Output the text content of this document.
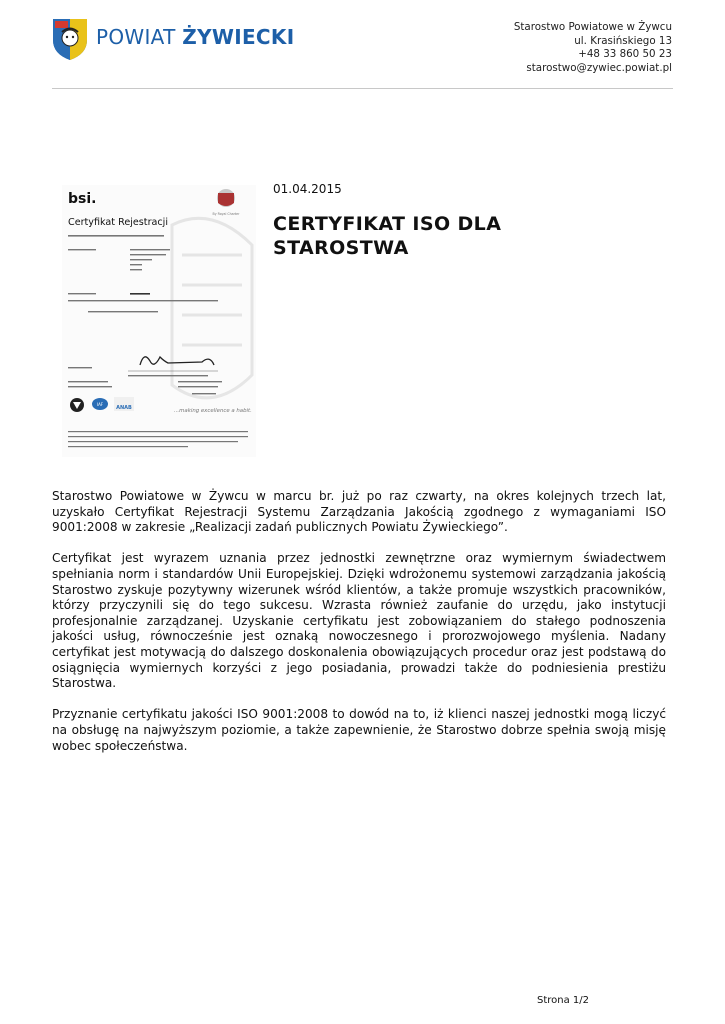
POWIAT ŻYWIECKI	Starostwo Powiatowe w Żywcu
ul. Krasińskiego 13
+48 33 860 50 23
starostwo@zywiec.powiat.pl
By Royal Charter
bsi.
Certyfikat Rejestracji
IAF
ANAB	...making excellence a habit.
01.04.2015
CERTYFIKAT ISO DLA STAROSTWA

Starostwo Powiatowe w Żywcu w marcu br. już po raz czwarty, na okres kolejnych trzech lat, uzyskało Certyfikat Rejestracji Systemu Zarządzania Jakością zgodnego z wymaganiami ISO 9001:2008 w zakresie „Realizacji zadań publicznych Powiatu Żywieckiego”.

Certyfikat jest wyrazem uznania przez jednostki zewnętrzne oraz wymiernym świadectwem spełniania norm i standardów Unii Europejskiej. Dzięki wdrożonemu systemowi zarządzania jakością Starostwo zyskuje pozytywny wizerunek wśród klientów, a także promuje wszystkich pracowników, którzy przyczynili się do tego sukcesu. Wzrasta również zaufanie do urzędu, jako instytucji profesjonalnie zarządzanej. Uzyskanie certyfikatu jest zobowiązaniem do stałego podnoszenia jakości usług, równocześnie jest oznaką nowoczesnego i prorozwojowego myślenia. Nadany certyfikat jest motywacją do dalszego doskonalenia obowiązujących procedur oraz jest podstawą do osiągnięcia wymiernych korzyści z jego posiadania, prowadzi także do podniesienia prestiżu Starostwa.

Przyznanie certyfikatu jakości ISO 9001:2008 to dowód na to, iż klienci naszej jednostki mogą liczyć na obsługę na najwyższym poziomie, a także zapewnienie, że Starostwo dobrze spełnia swoją misję wobec społeczeństwa.

Strona 1/2
